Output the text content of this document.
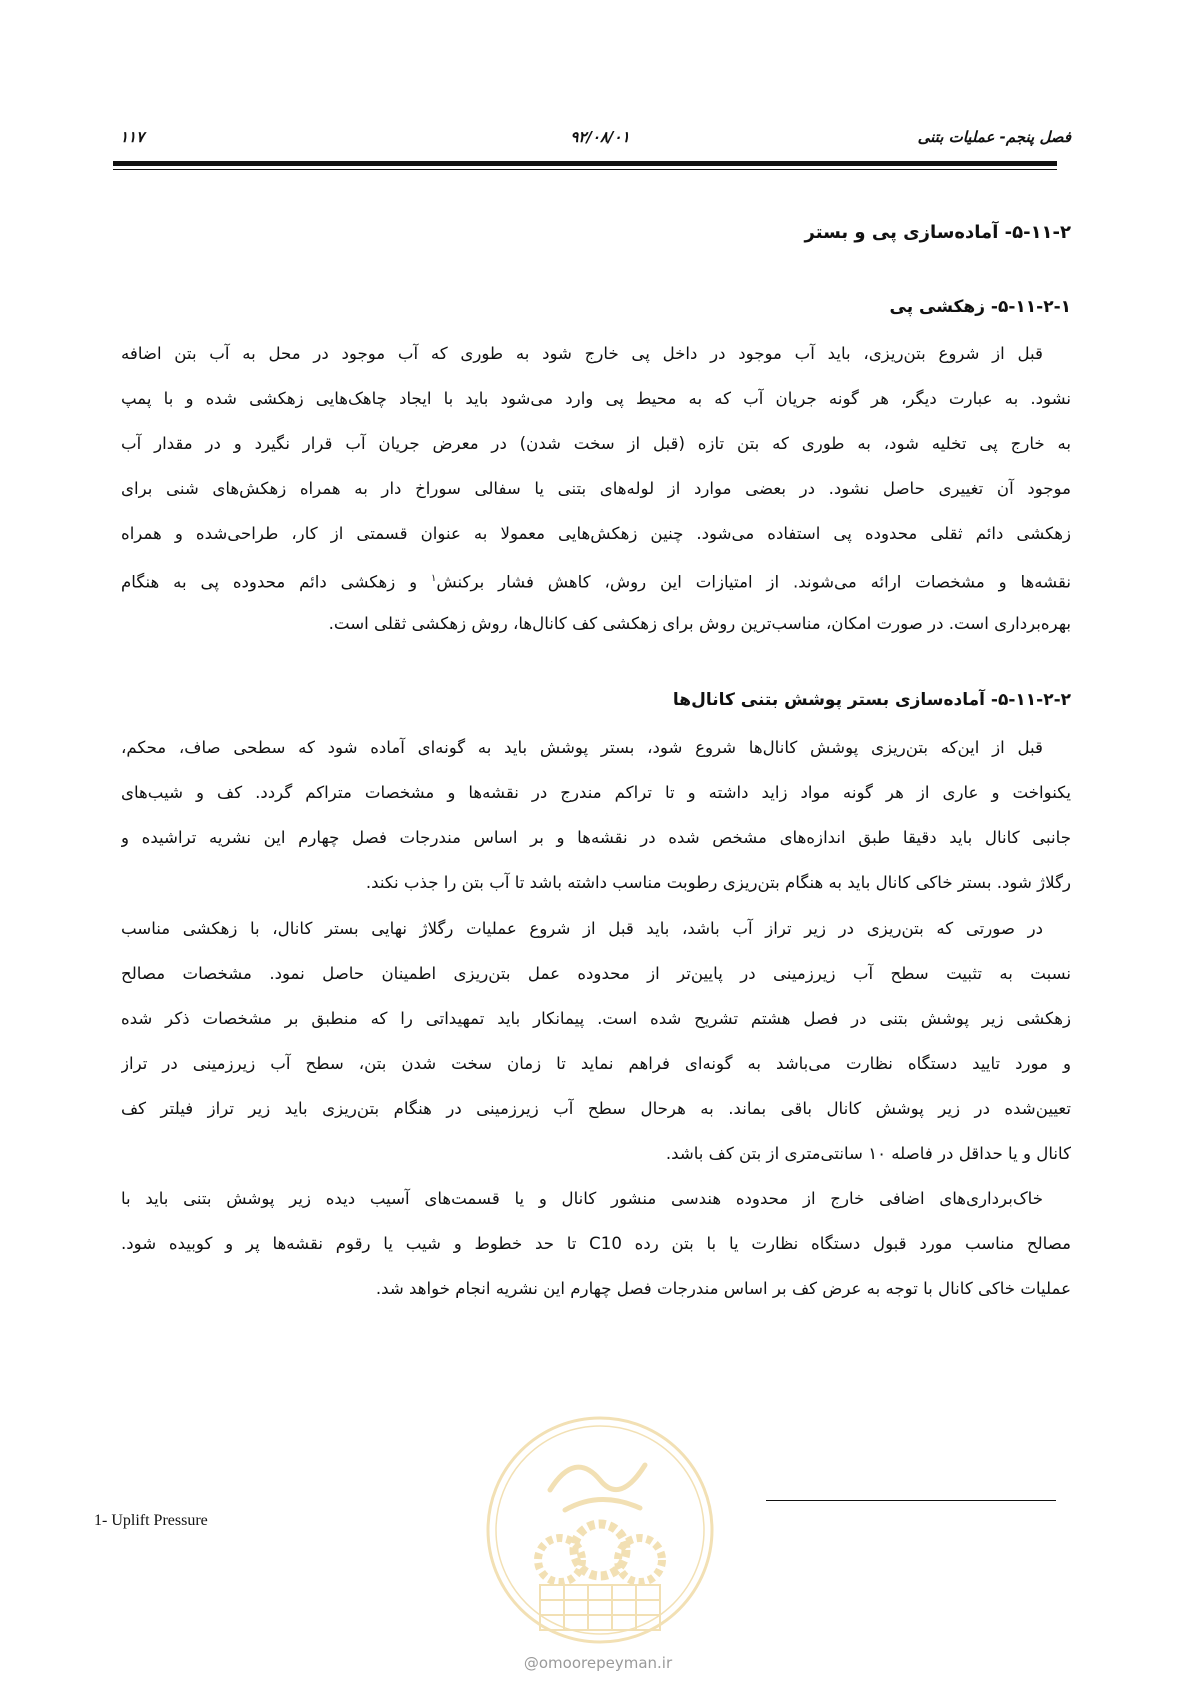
فصل پنجم- عملیات بتنی
۹۲/۰۸/۰۱
۱۱۷
۵-۱۱-۲- آماده‌سازی پی و بستر
۵-۱۱-۲-۱- زهکشی پی
قبل از شروع بتن‌ریزی، باید آب موجود در داخل پی خارج شود به طوری که آب موجود در محل به آب بتن اضافه
نشود. به عبارت دیگر، هر گونه جریان آب که به محیط پی وارد می‌شود باید با ایجاد چاهک‌هایی زهکشی شده و با پمپ
به خارج پی تخلیه شود، به طوری که بتن تازه (قبل از سخت شدن) در معرض جریان آب قرار نگیرد و در مقدار آب
موجود آن تغییری حاصل نشود. در بعضی موارد از لوله‌های بتنی یا سفالی سوراخ دار به همراه زهکش‌های شنی برای
زهکشی دائم ثقلی محدوده پی استفاده می‌شود. چنین زهکش‌هایی معمولا به عنوان قسمتی از کار، طراحی‌شده و همراه
نقشه‌ها و مشخصات ارائه می‌شوند. از امتیازات این روش، کاهش فشار برکنش$^۱$ و زهکشی دائم محدوده پی به هنگام
بهره‌برداری است. در صورت امکان، مناسب‌ترین روش برای زهکشی کف کانال‌ها، روش زهکشی ثقلی است.
۵-۱۱-۲-۲- آماده‌سازی بستر پوشش بتنی کانال‌ها
قبل از این‌که بتن‌ریزی پوشش کانال‌ها شروع شود، بستر پوشش باید به گونه‌ای آماده شود که سطحی صاف، محکم،
یکنواخت و عاری از هر گونه مواد زاید داشته و تا تراکم مندرج در نقشه‌ها و مشخصات متراکم گردد. کف و شیب‌های
جانبی کانال باید دقیقا طبق اندازه‌های مشخص شده در نقشه‌ها و بر اساس مندرجات فصل چهارم این نشریه تراشیده و
رگلاژ شود. بستر خاکی کانال باید به هنگام بتن‌ریزی رطوبت مناسب داشته باشد تا آب بتن را جذب نکند.
در صورتی که بتن‌ریزی در زیر تراز آب باشد، باید قبل از شروع عملیات رگلاژ نهایی بستر کانال، با زهکشی مناسب
نسبت به تثبیت سطح آب زیرزمینی در پایین‌تر از محدوده عمل بتن‌ریزی اطمینان حاصل نمود. مشخصات مصالح
زهکشی زیر پوشش بتنی در فصل هشتم تشریح شده است. پیمانکار باید تمهیداتی را که منطبق بر مشخصات ذکر شده
و مورد تایید دستگاه نظارت می‌باشد به گونه‌ای فراهم نماید تا زمان سخت شدن بتن، سطح آب زیرزمینی در تراز
تعیین‌شده در زیر پوشش کانال باقی بماند. به هرحال سطح آب زیرزمینی در هنگام بتن‌ریزی باید زیر تراز فیلتر کف
کانال و یا حداقل در فاصله ۱۰ سانتی‌متری از بتن کف باشد.
خاک‌برداری‌های اضافی خارج از محدوده هندسی منشور کانال و یا قسمت‌های آسیب دیده زیر پوشش بتنی باید با
مصالح مناسب مورد قبول دستگاه نظارت یا با بتن رده C10 تا حد خطوط و شیب یا رقوم نقشه‌ها پر و کوبیده شود.
عملیات خاکی کانال با توجه به عرض کف بر اساس مندرجات فصل چهارم این نشریه انجام خواهد شد.
@omoorepeyman.ir
1- Uplift Pressure
